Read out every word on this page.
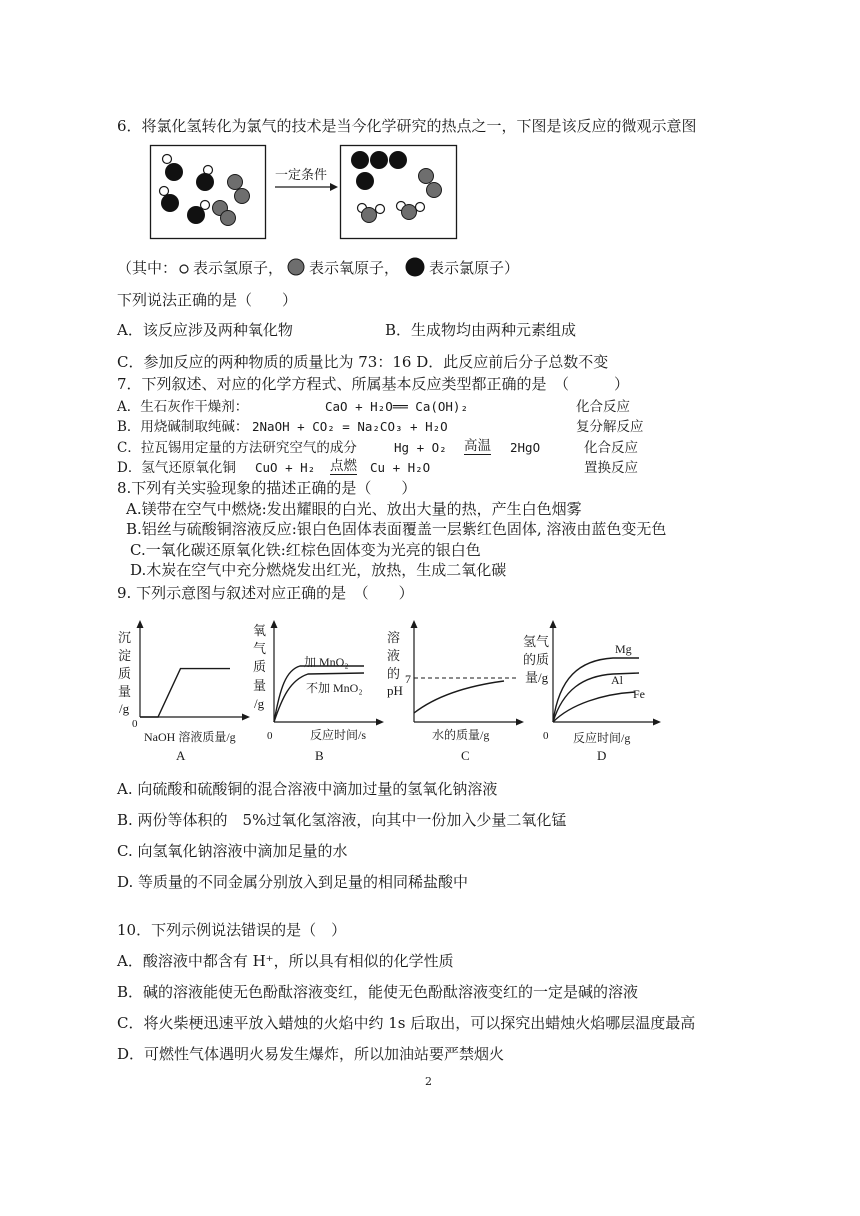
6．将氯化氢转化为氯气的技术是当今化学研究的热点之一，下图是该反应的微观示意图
一定条件
（其中： 表示氢原子， 表示氧原子， 表示氯原子）
下列说法正确的是（　　）
A．该反应涉及两种氧化物	B．生成物均由两种元素组成
C．参加反应的两种物质的质量比为 73：16 D．此反应前后分子总数不变
7．下列叙述、对应的化学方程式、所属基本反应类型都正确的是　（　　　）
A．生石灰作干燥剂：	CaO + H₂O══ Ca(OH)₂	化合反应
B．用烧碱制取纯碱： 2NaOH + CO₂ = Na₂CO₃ + H₂O	复分解反应
C．拉瓦锡用定量的方法研究空气的成分	Hg + O₂ 高温 2HgO	化合反应
D．氢气还原氧化铜 CuO + H₂ 点燃 Cu + H₂O	置换反应
8.下列有关实验现象的描述正确的是（　　）
A.镁带在空气中燃烧:发出耀眼的白光、放出大量的热，产生白色烟雾
B.铝丝与硫酸铜溶液反应:银白色固体表面覆盖一层紫红色固体, 溶液由蓝色变无色
C.一氧化碳还原氧化铁:红棕色固体变为光亮的银白色
D.木炭在空气中充分燃烧发出红光，放热，生成二氧化碳
9. 下列示意图与叙述对应正确的是　（　　）
沉
淀
质
量
/g
0
NaOH 溶液质量/g
A
氧
气
质
量
/g
0
加 MnO₂
不加 MnO₂
反应时间/s
B
溶
液
的
pH
7
水的质量/g
C
氢气
的质
量/g
0
Mg
Al
Fe
反应时间/g
D
A. 向硫酸和硫酸铜的混合溶液中滴加过量的氢氧化钠溶液
B. 两份等体积的　5%过氧化氢溶液，向其中一份加入少量二氧化锰
C. 向氢氧化钠溶液中滴加足量的水
D. 等质量的不同金属分别放入到足量的相同稀盐酸中
10．下列示例说法错误的是（　）
A．酸溶液中都含有 H⁺，所以具有相似的化学性质
B．碱的溶液能使无色酚酞溶液变红，能使无色酚酞溶液变红的一定是碱的溶液
C．将火柴梗迅速平放入蜡烛的火焰中约 1s 后取出，可以探究出蜡烛火焰哪层温度最高
D．可燃性气体遇明火易发生爆炸，所以加油站要严禁烟火
2
